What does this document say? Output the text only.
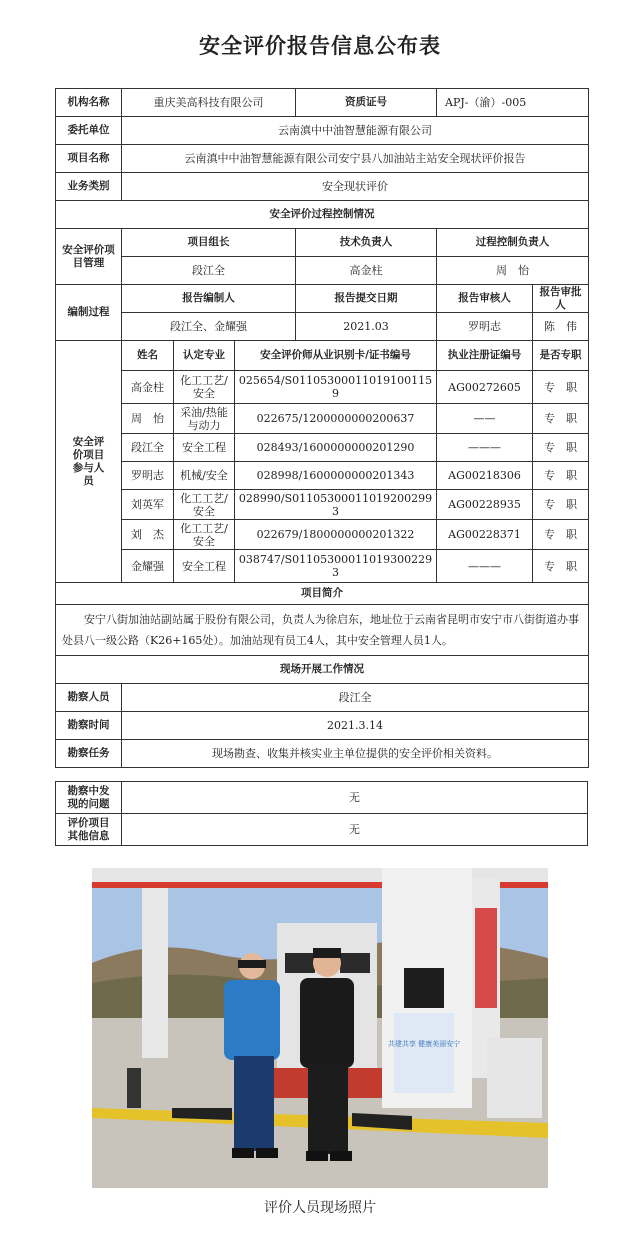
安全评价报告信息公布表
机构名称	重庆美高科技有限公司			资质证号	APJ-（渝）-005	
委托单位	云南滇中中油智慧能源有限公司					
项目名称	云南滇中中油智慧能源有限公司安宁县八加油站主站安全现状评价报告					
业务类别	安全现状评价					
安全评价过程控制情况						
安全评价项目管理	项目组长			技术负责人	过程控制负责人	
	段江全			高金柱	周　怡	
编制过程	报告编制人			报告提交日期	报告审核人	报告审批人
	段江全、金耀强			2021.03	罗明志	陈　伟
安全评价项目参与人员	姓名	认定专业	安全评价师从业识别卡/证书编号		执业注册证编号	是否专职
	高金柱	化工工艺/安全	025654/S011053000110191001159		AG00272605	专　职
	周　怡	采油/热能与动力	022675/1200000000200637		——	专　职
	段江全	安全工程	028493/1600000000201290		———	专　职
	罗明志	机械/安全	028998/1600000000201343		AG00218306	专　职
	刘英军	化工工艺/安全	028990/S011053000110192002993		AG00228935	专　职
	刘　杰	化工工艺/安全	022679/1800000000201322		AG00228371	专　职
	金耀强	安全工程	038747/S011053000110193002293		———	专　职
项目简介						
安宁八街加油站副站属于股份有限公司，负责人为徐启东，地址位于云南省昆明市安宁市八街街道办事处县八一级公路（K26+165处）。加油站现有员工4人，其中安全管理人员1人。						
现场开展工作情况						
勘察人员	段江全					
勘察时间	2021.3.14					
勘察任务	现场勘查、收集并核实业主单位提供的安全评价相关资料。					
勘察中发现的问题	无
评价项目其他信息	无
共建共享 健康美丽安宁
评价人员现场照片
